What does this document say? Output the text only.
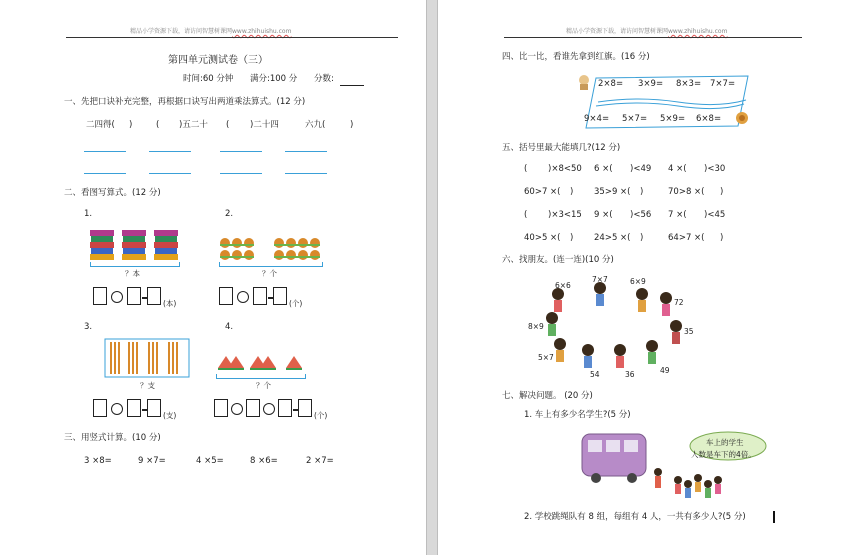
精品小学资源下载，请访问智慧树课网www.zhihuishu.com
第四单元测试卷（三）
时间:60 分钟 满分:100 分 分数:
一、先把口诀补充完整，再根据口诀写出两道乘法算式。(12 分)
二四得( )	( )五二十 ( )二十四	六九(	)
二、看图写算式。(12 分)
1.	2.
？本	？个
(本)	(个)
3.	4.
？支	？个
(支)	(个)
三、用竖式计算。(10 分)
3 ×8=	9 ×7=	4 ×5=	8 ×6=	2 ×7=
精品小学资源下载，请访问智慧树课网www.zhihuishu.com
四、比一比，看谁先拿到红旗。(16 分)
2×8= 3×9= 8×3= 7×7=
9×4= 5×7= 5×9= 6×8=
五、括号里最大能填几?(12 分)
( )×8<50 6 ×( )<49 4 ×( )<30
60>7 ×( ) 35>9 ×( )	70>8 ×( )
( )×3<15 9 ×( )<56 7 ×( )<45
40>5 ×( ) 24>5 ×( )	64>7 ×( )
六、找朋友。(连一连)(10 分)
7×7
6×6	6×9
72
8×9
35
5×7
54	36	49
七、解决问题。 (20 分)
1. 车上有多少名学生?(5 分)
车上的学生
人数是车下的4倍。
2. 学校跳绳队有 8 组，每组有 4 人，一共有多少人?(5 分)
